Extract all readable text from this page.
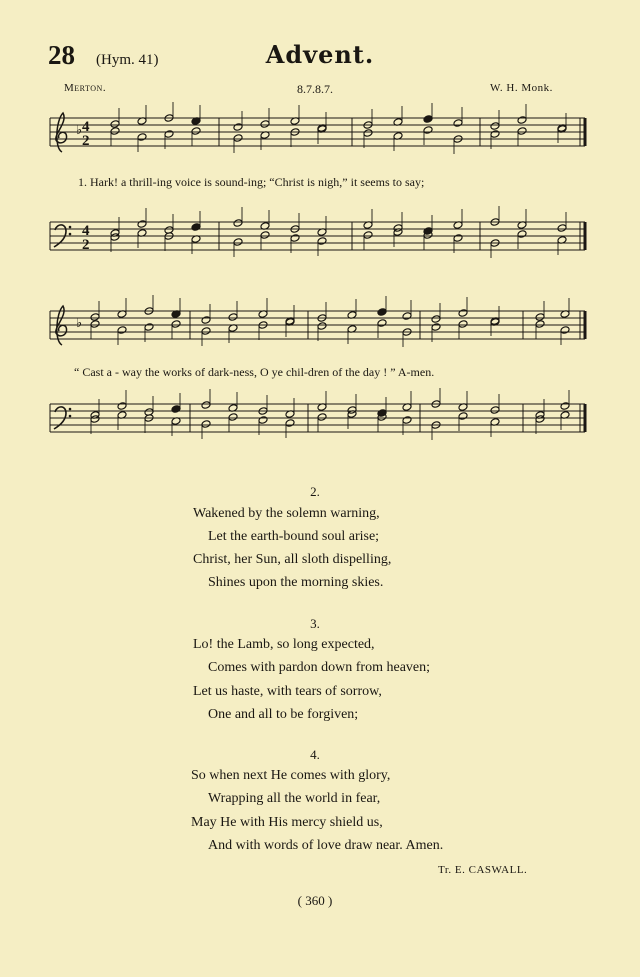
28 (Hym. 41)	Advent.
Merton.	8.7.8.7.	W. H. Monk.
4
2
4
2
♭
♭
1. Hark! a thrill-ing voice is sound-ing; “Christ is nigh,” it seems to say;
“ Cast a - way the works of dark-ness, O ye chil-dren of the day ! ” A-men.
2.
Wakened by the solemn warning,
Let the earth-bound soul arise;
Christ, her Sun, all sloth dispelling,
Shines upon the morning skies.
3.
Lo! the Lamb, so long expected,
Comes with pardon down from heaven;
Let us haste, with tears of sorrow,
One and all to be forgiven;
4.
So when next He comes with glory,
Wrapping all the world in fear,
May He with His mercy shield us,
And with words of love draw near. Amen.
Tr. E. CASWALL.
( 360 )
